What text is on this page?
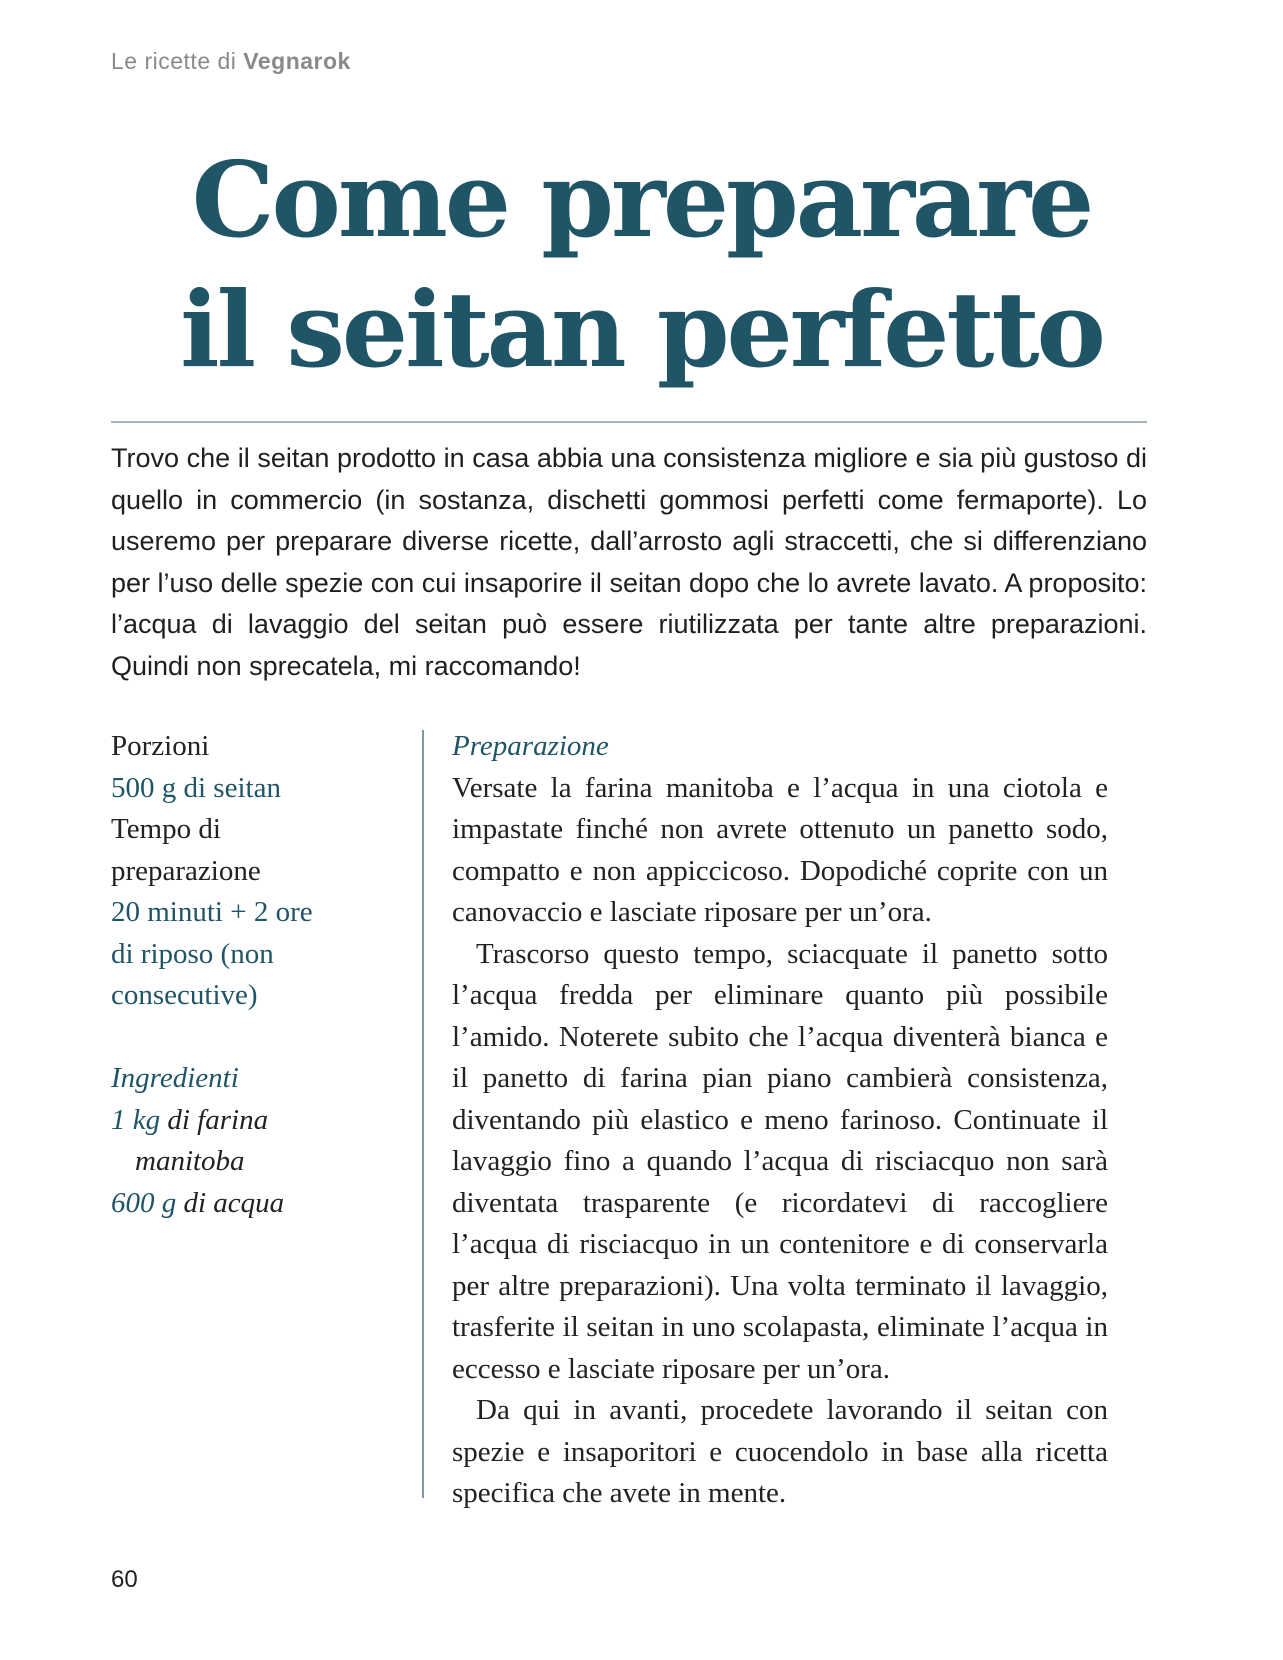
Le ricette di Vegnarok
Come preparare
il seitan perfetto

Trovo che il seitan prodotto in casa abbia una consistenza migliore e sia più gustoso di quello in commercio (in sostanza, dischetti gommosi perfetti come fermaporte). Lo useremo per preparare diverse ricette, dall’arrosto agli straccetti, che si differenziano per l’uso delle spezie con cui insaporire il seitan dopo che lo avrete lavato. A proposito: l’acqua di lavaggio del seitan può essere riutilizzata per tante altre preparazioni. Quindi non sprecatela, mi raccomando!

Porzioni
500 g di seitan
Tempo di
preparazione
20 minuti + 2 ore
di riposo (non
consecutive)
Ingredienti
1 kg di farina
manitoba
600 g di acqua
Preparazione

Versate la farina manitoba e l’acqua in una ciotola e impastate finché non avrete ottenuto un panetto sodo, compatto e non appiccicoso. Dopodiché coprite con un canovaccio e lasciate riposare per un’ora.

Trascorso questo tempo, sciacquate il panetto sotto l’acqua fredda per eliminare quanto più possibile l’amido. Noterete subito che l’acqua diventerà bianca e il panetto di farina pian piano cambierà consistenza, diventando più elastico e meno farinoso. Continuate il lavaggio fino a quando l’acqua di risciacquo non sarà diventata trasparente (e ricordatevi di raccogliere l’acqua di risciacquo in un contenitore e di conservarla per altre preparazioni). Una volta terminato il lavaggio, trasferite il seitan in uno scolapasta, eliminate l’acqua in eccesso e lasciate riposare per un’ora.

Da qui in avanti, procedete lavorando il seitan con spezie e insaporitori e cuocendolo in base alla ricetta specifica che avete in mente.

60
